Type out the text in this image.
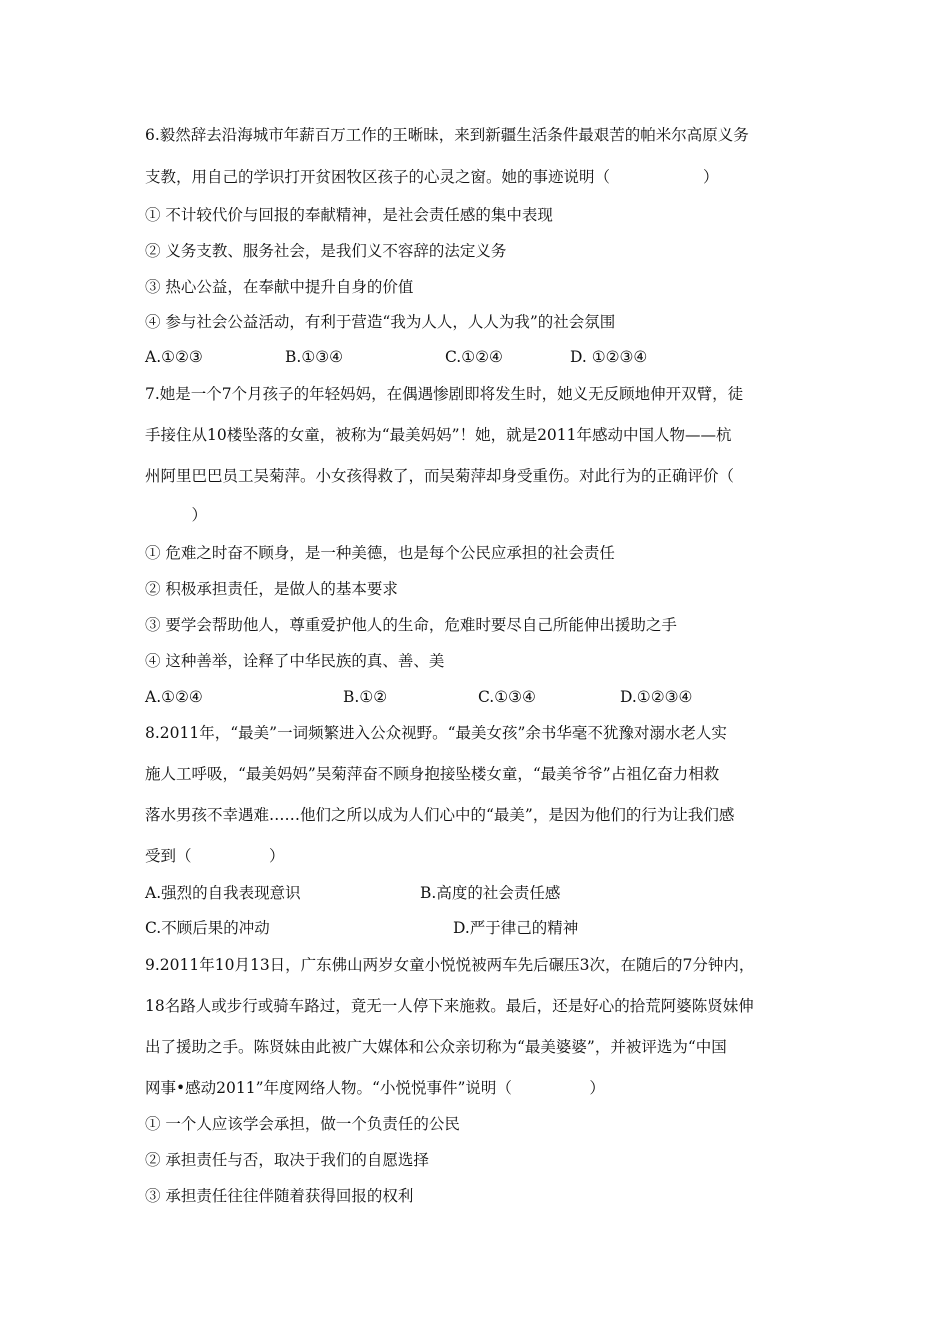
6.毅然辞去沿海城市年薪百万工作的王晰昧，来到新疆生活条件最艰苦的帕米尔高原义务
支教，用自己的学识打开贫困牧区孩子的心灵之窗。她的事迹说明（　　　　　　）
① 不计较代价与回报的奉献精神，是社会责任感的集中表现
② 义务支教、服务社会，是我们义不容辞的法定义务
③ 热心公益，在奉献中提升自身的价值
④ 参与社会公益活动，有利于营造“我为人人，人人为我”的社会氛围
A.①②③	B.①③④	C.①②④	D. ①②③④
7.她是一个7个月孩子的年轻妈妈，在偶遇惨剧即将发生时，她义无反顾地伸开双臂，徒
手接住从10楼坠落的女童，被称为“最美妈妈”！她，就是2011年感动中国人物——杭
州阿里巴巴员工吴菊萍。小女孩得救了，而吴菊萍却身受重伤。对此行为的正确评价（
　　　）
① 危难之时奋不顾身，是一种美德，也是每个公民应承担的社会责任
② 积极承担责任，是做人的基本要求
③ 要学会帮助他人，尊重爱护他人的生命，危难时要尽自己所能伸出援助之手
④ 这种善举，诠释了中华民族的真、善、美
A.①②④	B.①②	C.①③④	D.①②③④
8.2011年，“最美”一词频繁进入公众视野。“最美女孩”余书华毫不犹豫对溺水老人实
施人工呼吸，“最美妈妈”吴菊萍奋不顾身抱接坠楼女童，“最美爷爷”占祖亿奋力相救
落水男孩不幸遇难……他们之所以成为人们心中的“最美”，是因为他们的行为让我们感
受到（　　　　　）
A.强烈的自我表现意识	B.高度的社会责任感
C.不顾后果的冲动	D.严于律己的精神
9.2011年10月13日，广东佛山两岁女童小悦悦被两车先后碾压3次，在随后的7分钟内，
18名路人或步行或骑车路过，竟无一人停下来施救。最后，还是好心的拾荒阿婆陈贤妹伸
出了援助之手。陈贤妹由此被广大媒体和公众亲切称为“最美婆婆”，并被评选为“中国
网事•感动2011”年度网络人物。“小悦悦事件”说明（　　　　　）
① 一个人应该学会承担，做一个负责任的公民
② 承担责任与否，取决于我们的自愿选择
③ 承担责任往往伴随着获得回报的权利
